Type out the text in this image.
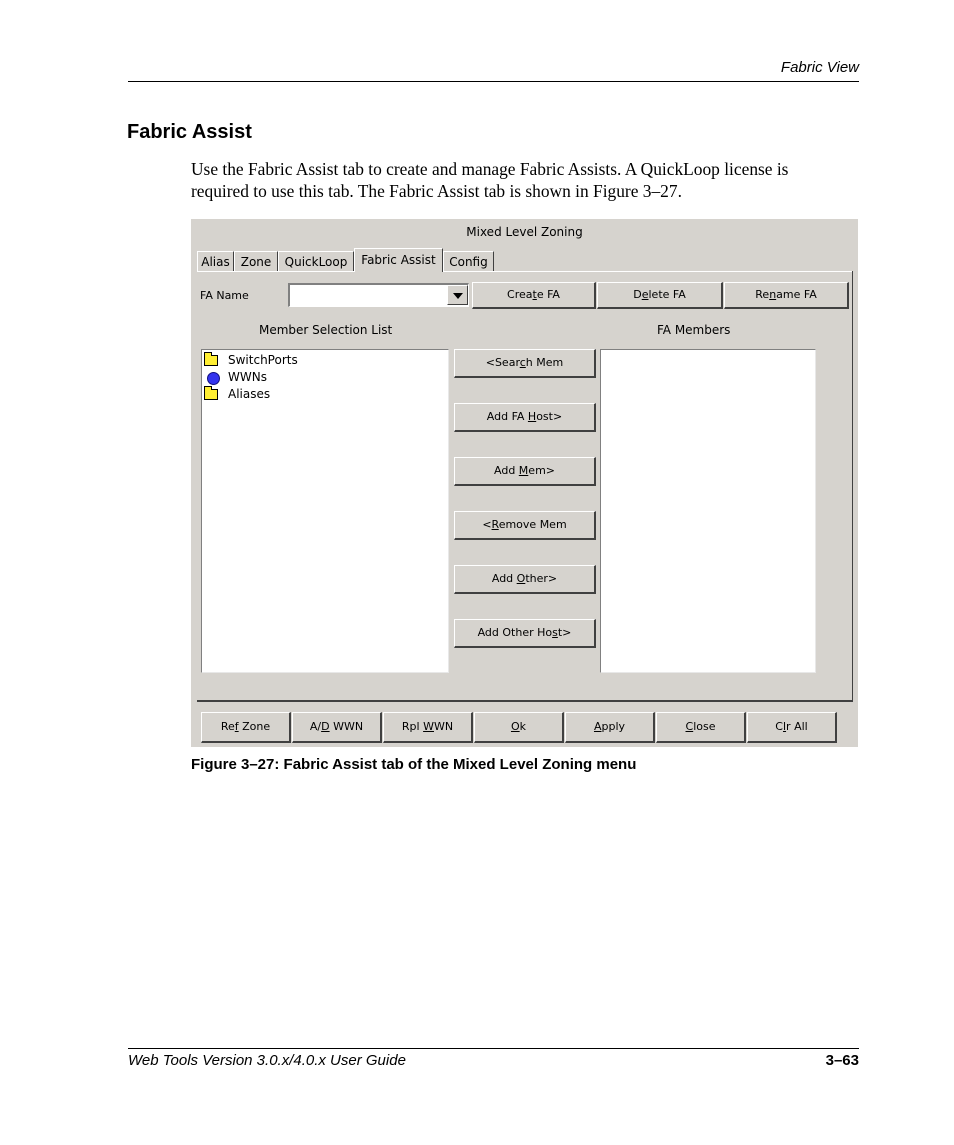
Fabric View
Fabric Assist

Use the Fabric Assist tab to create and manage Fabric Assists. A QuickLoop license is

required to use this tab. The Fabric Assist tab is shown in Figure 3–27.

Mixed Level Zoning
Alias Zone	QuickLoop	Fabric Assist	Config
FA Name	Create FA	Delete FA	Rename FA
Member Selection List	FA Members
SwitchPorts
WWNs
Aliases
<Search Mem
Add FA Host>
Add Mem>
<Remove Mem
Add Other>
Add Other Host>
Ref Zone	A/D WWN	Rpl WWN	Ok	Apply	Close	Clr All
Figure 3–27: Fabric Assist tab of the Mixed Level Zoning menu
Web Tools Version 3.0.x/4.0.x User Guide	3–63
